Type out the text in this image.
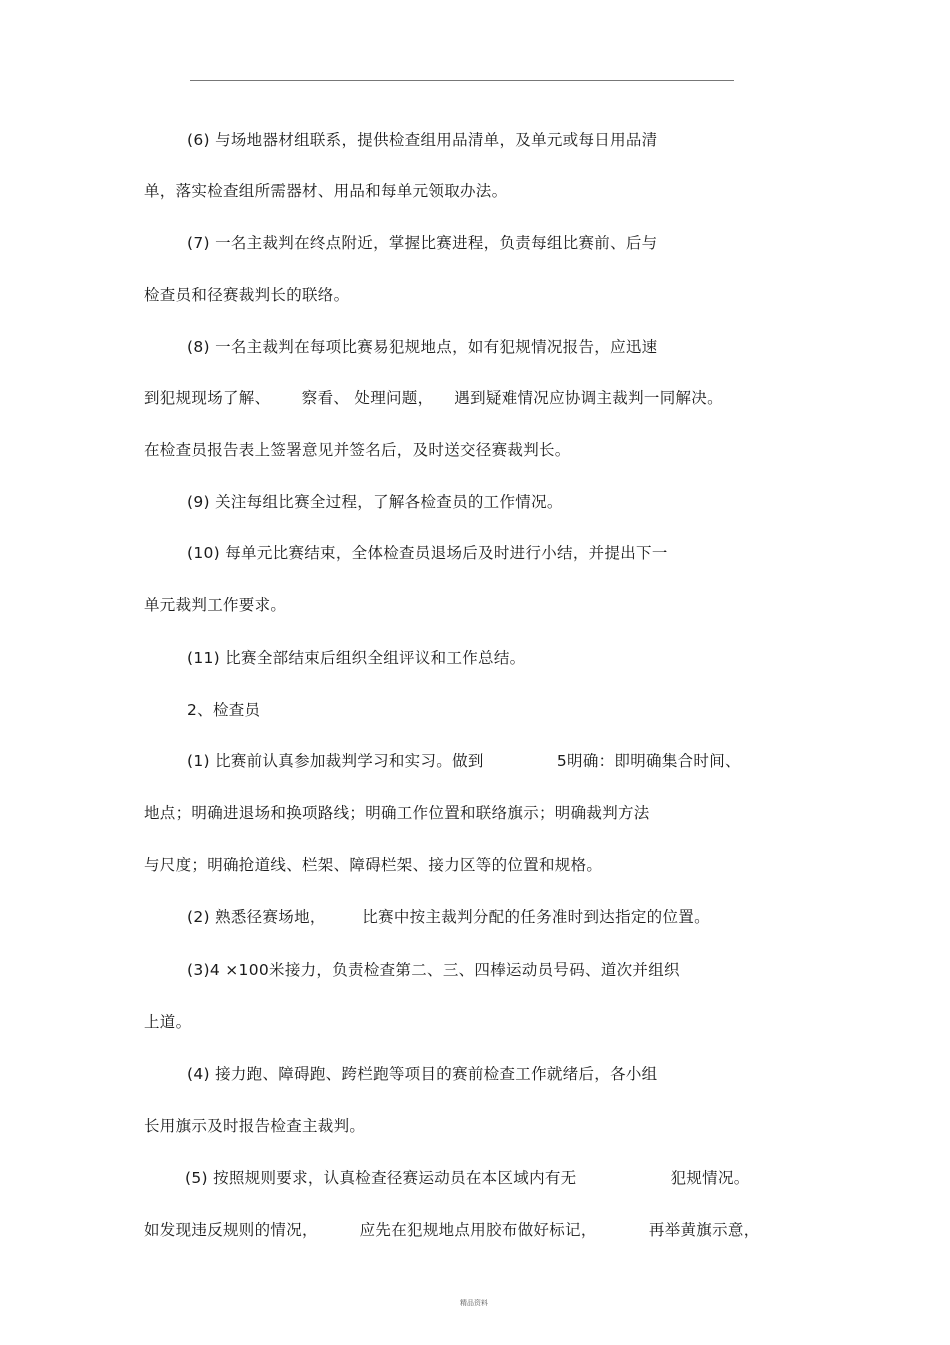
(6) 与场地器材组联系，提供检查组用品清单，及单元或每日用品清
单，落实检查组所需器材、用品和每单元领取办法。
(7) 一名主裁判在终点附近，掌握比赛进程，负责每组比赛前、后与
检查员和径赛裁判长的联络。
(8) 一名主裁判在每项比赛易犯规地点，如有犯规情况报告，应迅速
到犯规现场了解、      察看、 处理问题，    遇到疑难情况应协调主裁判一同解决。
在检查员报告表上签署意见并签名后，及时送交径赛裁判长。
(9) 关注每组比赛全过程，了解各检查员的工作情况。
(10) 每单元比赛结束，全体检查员退场后及时进行小结，并提出下一
单元裁判工作要求。
(11) 比赛全部结束后组织全组评议和工作总结。
2、检查员
(1) 比赛前认真参加裁判学习和实习。做到              5明确：即明确集合时间、
地点；明确进退场和换项路线；明确工作位置和联络旗示；明确裁判方法
与尺度；明确抢道线、栏架、障碍栏架、接力区等的位置和规格。
(2) 熟悉径赛场地，       比赛中按主裁判分配的任务准时到达指定的位置。
(3)4 ×100米接力，负责检查第二、三、四棒运动员号码、道次并组织
上道。
(4) 接力跑、障碍跑、跨栏跑等项目的赛前检查工作就绪后，各小组
长用旗示及时报告检查主裁判。
(5) 按照规则要求，认真检查径赛运动员在本区域内有无                  犯规情况。
如发现违反规则的情况，        应先在犯规地点用胶布做好标记，          再举黄旗示意，
精品资料
